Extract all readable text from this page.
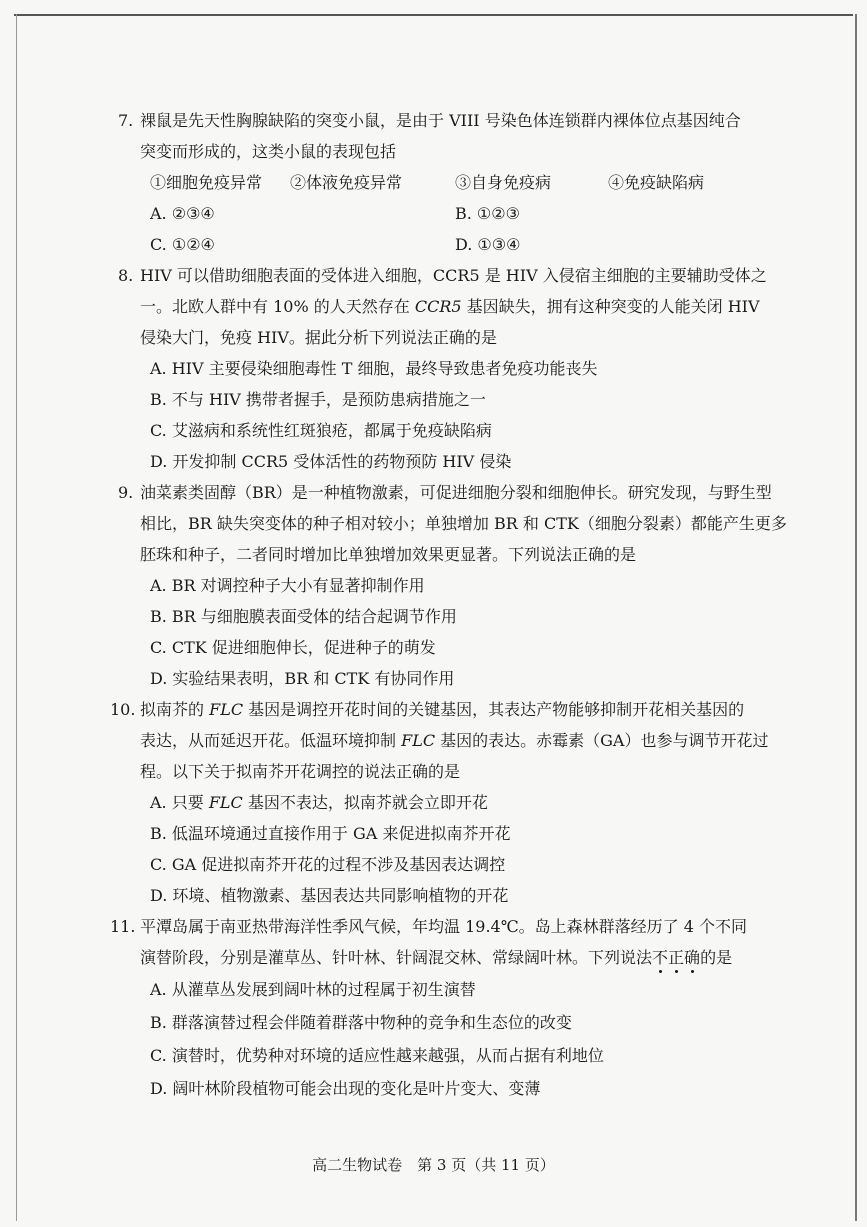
7. 裸鼠是先天性胸腺缺陷的突变小鼠，是由于 VIII 号染色体连锁群内裸体位点基因纯合
突变而形成的，这类小鼠的表现包括
①细胞免疫异常 ②体液免疫异常	③自身免疫病	④免疫缺陷病
A. ②③④	B. ①②③
C. ①②④	D. ①③④
8. HIV 可以借助细胞表面的受体进入细胞，CCR5 是 HIV 入侵宿主细胞的主要辅助受体之
一。北欧人群中有 10% 的人天然存在 CCR5 基因缺失，拥有这种突变的人能关闭 HIV
侵染大门，免疫 HIV。据此分析下列说法正确的是
A. HIV 主要侵染细胞毒性 T 细胞，最终导致患者免疫功能丧失
B. 不与 HIV 携带者握手，是预防患病措施之一
C. 艾滋病和系统性红斑狼疮，都属于免疫缺陷病
D. 开发抑制 CCR5 受体活性的药物预防 HIV 侵染
9. 油菜素类固醇（BR）是一种植物激素，可促进细胞分裂和细胞伸长。研究发现，与野生型
相比，BR 缺失突变体的种子相对较小；单独增加 BR 和 CTK（细胞分裂素）都能产生更多
胚珠和种子，二者同时增加比单独增加效果更显著。下列说法正确的是
A. BR 对调控种子大小有显著抑制作用
B. BR 与细胞膜表面受体的结合起调节作用
C. CTK 促进细胞伸长，促进种子的萌发
D. 实验结果表明，BR 和 CTK 有协同作用
10. 拟南芥的 FLC 基因是调控开花时间的关键基因，其表达产物能够抑制开花相关基因的
表达，从而延迟开花。低温环境抑制 FLC 基因的表达。赤霉素（GA）也参与调节开花过
程。以下关于拟南芥开花调控的说法正确的是
A. 只要 FLC 基因不表达，拟南芥就会立即开花
B. 低温环境通过直接作用于 GA 来促进拟南芥开花
C. GA 促进拟南芥开花的过程不涉及基因表达调控
D. 环境、植物激素、基因表达共同影响植物的开花
11. 平潭岛属于南亚热带海洋性季风气候，年均温 19.4℃。岛上森林群落经历了 4 个不同
演替阶段，分别是灌草丛、针叶林、针阔混交林、常绿阔叶林。下列说法不正确的是
A. 从灌草丛发展到阔叶林的过程属于初生演替
B. 群落演替过程会伴随着群落中物种的竞争和生态位的改变
C. 演替时，优势种对环境的适应性越来越强，从而占据有利地位
D. 阔叶林阶段植物可能会出现的变化是叶片变大、变薄
高二生物试卷　第 3 页（共 11 页）
